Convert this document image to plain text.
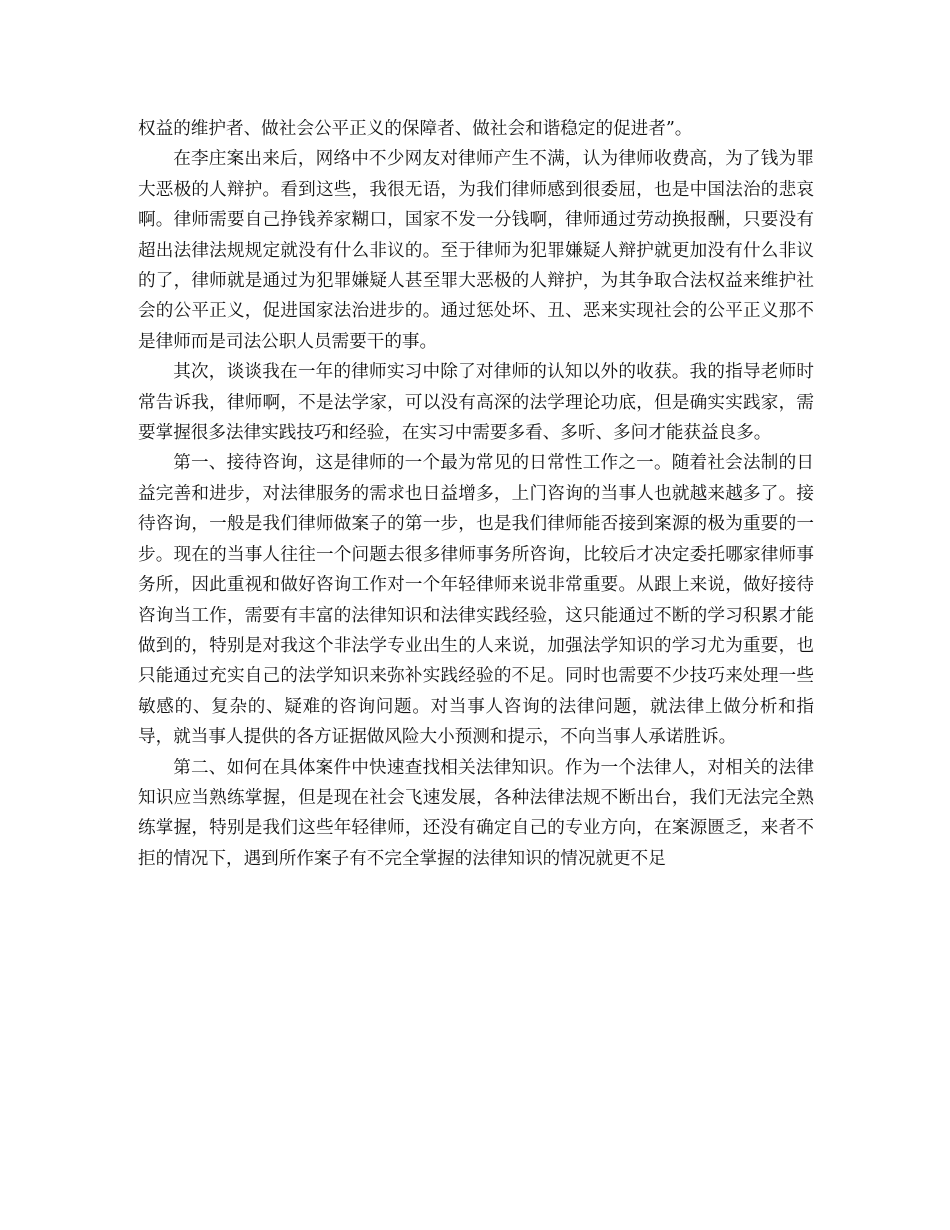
权益的维护者、做社会公平正义的保障者、做社会和谐稳定的促进者”。

在李庄案出来后，网络中不少网友对律师产生不满，认为律师收费高，为了钱为罪大恶极的人辩护。看到这些，我很无语，为我们律师感到很委屈，也是中国法治的悲哀啊。律师需要自己挣钱养家糊口，国家不发一分钱啊，律师通过劳动换报酬，只要没有超出法律法规规定就没有什么非议的。至于律师为犯罪嫌疑人辩护就更加没有什么非议的了，律师就是通过为犯罪嫌疑人甚至罪大恶极的人辩护，为其争取合法权益来维护社会的公平正义，促进国家法治进步的。通过惩处坏、丑、恶来实现社会的公平正义那不是律师而是司法公职人员需要干的事。

其次，谈谈我在一年的律师实习中除了对律师的认知以外的收获。我的指导老师时常告诉我，律师啊，不是法学家，可以没有高深的法学理论功底，但是确实实践家，需要掌握很多法律实践技巧和经验，在实习中需要多看、多听、多问才能获益良多。

第一、接待咨询，这是律师的一个最为常见的日常性工作之一。随着社会法制的日益完善和进步，对法律服务的需求也日益增多，上门咨询的当事人也就越来越多了。接待咨询，一般是我们律师做案子的第一步，也是我们律师能否接到案源的极为重要的一步。现在的当事人往往一个问题去很多律师事务所咨询，比较后才决定委托哪家律师事务所，因此重视和做好咨询工作对一个年轻律师来说非常重要。从跟上来说，做好接待咨询当工作，需要有丰富的法律知识和法律实践经验，这只能通过不断的学习积累才能做到的，特别是对我这个非法学专业出生的人来说，加强法学知识的学习尤为重要，也只能通过充实自己的法学知识来弥补实践经验的不足。同时也需要不少技巧来处理一些敏感的、复杂的、疑难的咨询问题。对当事人咨询的法律问题，就法律上做分析和指导，就当事人提供的各方证据做风险大小预测和提示，不向当事人承诺胜诉。

第二、如何在具体案件中快速查找相关法律知识。作为一个法律人，对相关的法律知识应当熟练掌握，但是现在社会飞速发展，各种法律法规不断出台，我们无法完全熟练掌握，特别是我们这些年轻律师，还没有确定自己的专业方向，在案源匮乏，来者不拒的情况下，遇到所作案子有不完全掌握的法律知识的情况就更不足
